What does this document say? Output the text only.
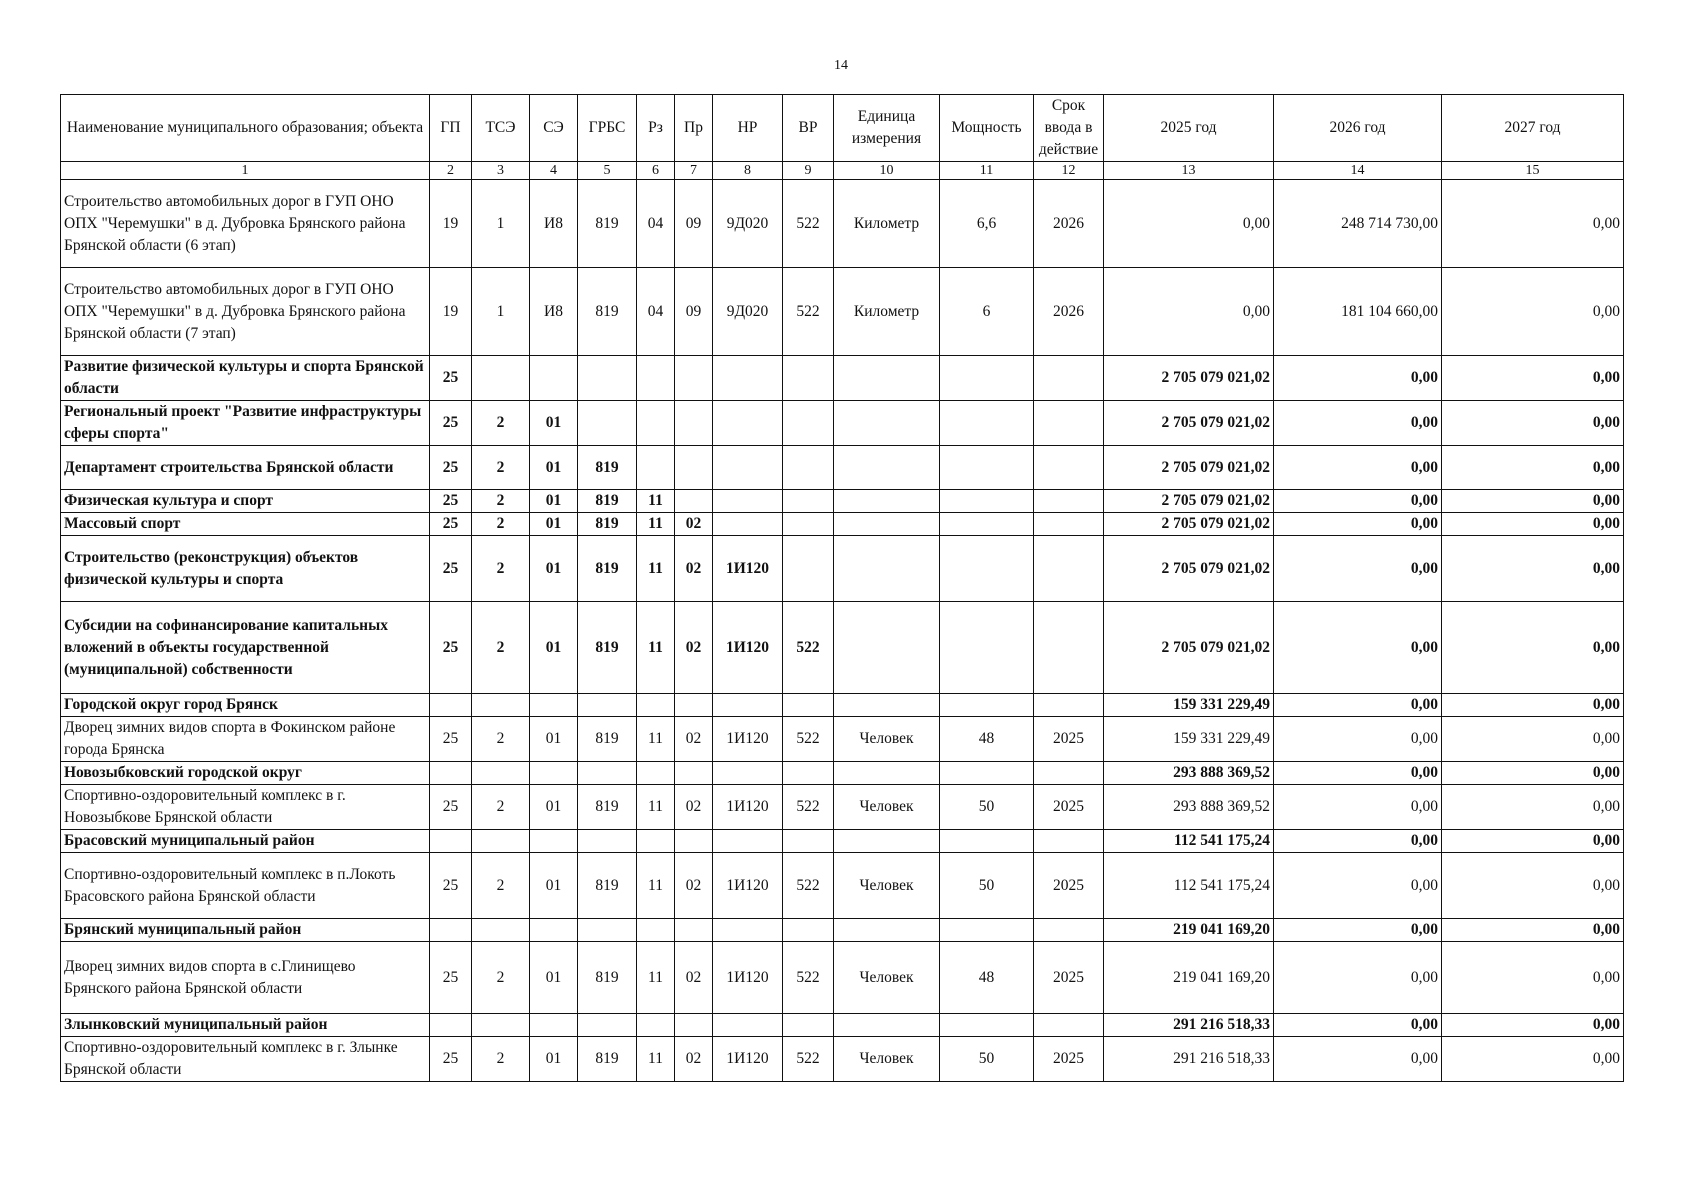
14
Наименование муниципального образования; объекта	ГП	ТСЭ	СЭ	ГРБС	Рз	Пр	НР	ВР	Единица измерения	Мощность	Срок ввода в действие	2025 год	2026 год	2027 год
1	2	3	4	5	6	7	8	9	10	11	12	13	14	15
Строительство автомобильных дорог в ГУП ОНО ОПХ "Черемушки" в д. Дубровка Брянского района Брянской области (6 этап)	19	1	И8	819	04	09	9Д020	522	Километр	6,6	2026	0,00	248 714 730,00	0,00
Строительство автомобильных дорог в ГУП ОНО ОПХ "Черемушки" в д. Дубровка Брянского района Брянской области (7 этап)	19	1	И8	819	04	09	9Д020	522	Километр	6	2026	0,00	181 104 660,00	0,00
Развитие физической культуры и спорта Брянской области	25											2 705 079 021,02	0,00	0,00
Региональный проект "Развитие инфраструктуры сферы спорта"	25	2	01									2 705 079 021,02	0,00	0,00
Департамент строительства Брянской области	25	2	01	819								2 705 079 021,02	0,00	0,00
Физическая культура и спорт	25	2	01	819	11							2 705 079 021,02	0,00	0,00
Массовый спорт	25	2	01	819	11	02						2 705 079 021,02	0,00	0,00
Строительство (реконструкция) объектов физической культуры и спорта	25	2	01	819	11	02	1И120					2 705 079 021,02	0,00	0,00
Субсидии на софинансирование капитальных вложений в объекты государственной (муниципальной) собственности	25	2	01	819	11	02	1И120	522				2 705 079 021,02	0,00	0,00
Городской округ город Брянск												159 331 229,49	0,00	0,00
Дворец зимних видов спорта в Фокинском районе города Брянска	25	2	01	819	11	02	1И120	522	Человек	48	2025	159 331 229,49	0,00	0,00
Новозыбковский городской округ												293 888 369,52	0,00	0,00
Спортивно-оздоровительный комплекс в г. Новозыбкове Брянской области	25	2	01	819	11	02	1И120	522	Человек	50	2025	293 888 369,52	0,00	0,00
Брасовский муниципальный район												112 541 175,24	0,00	0,00
Спортивно-оздоровительный комплекс в п.Локоть Брасовского района Брянской области	25	2	01	819	11	02	1И120	522	Человек	50	2025	112 541 175,24	0,00	0,00
Брянский муниципальный район												219 041 169,20	0,00	0,00
Дворец зимних видов спорта в с.Глинищево Брянского района Брянской области	25	2	01	819	11	02	1И120	522	Человек	48	2025	219 041 169,20	0,00	0,00
Злынковский муниципальный район												291 216 518,33	0,00	0,00
Спортивно-оздоровительный комплекс в г. Злынке Брянской области	25	2	01	819	11	02	1И120	522	Человек	50	2025	291 216 518,33	0,00	0,00
